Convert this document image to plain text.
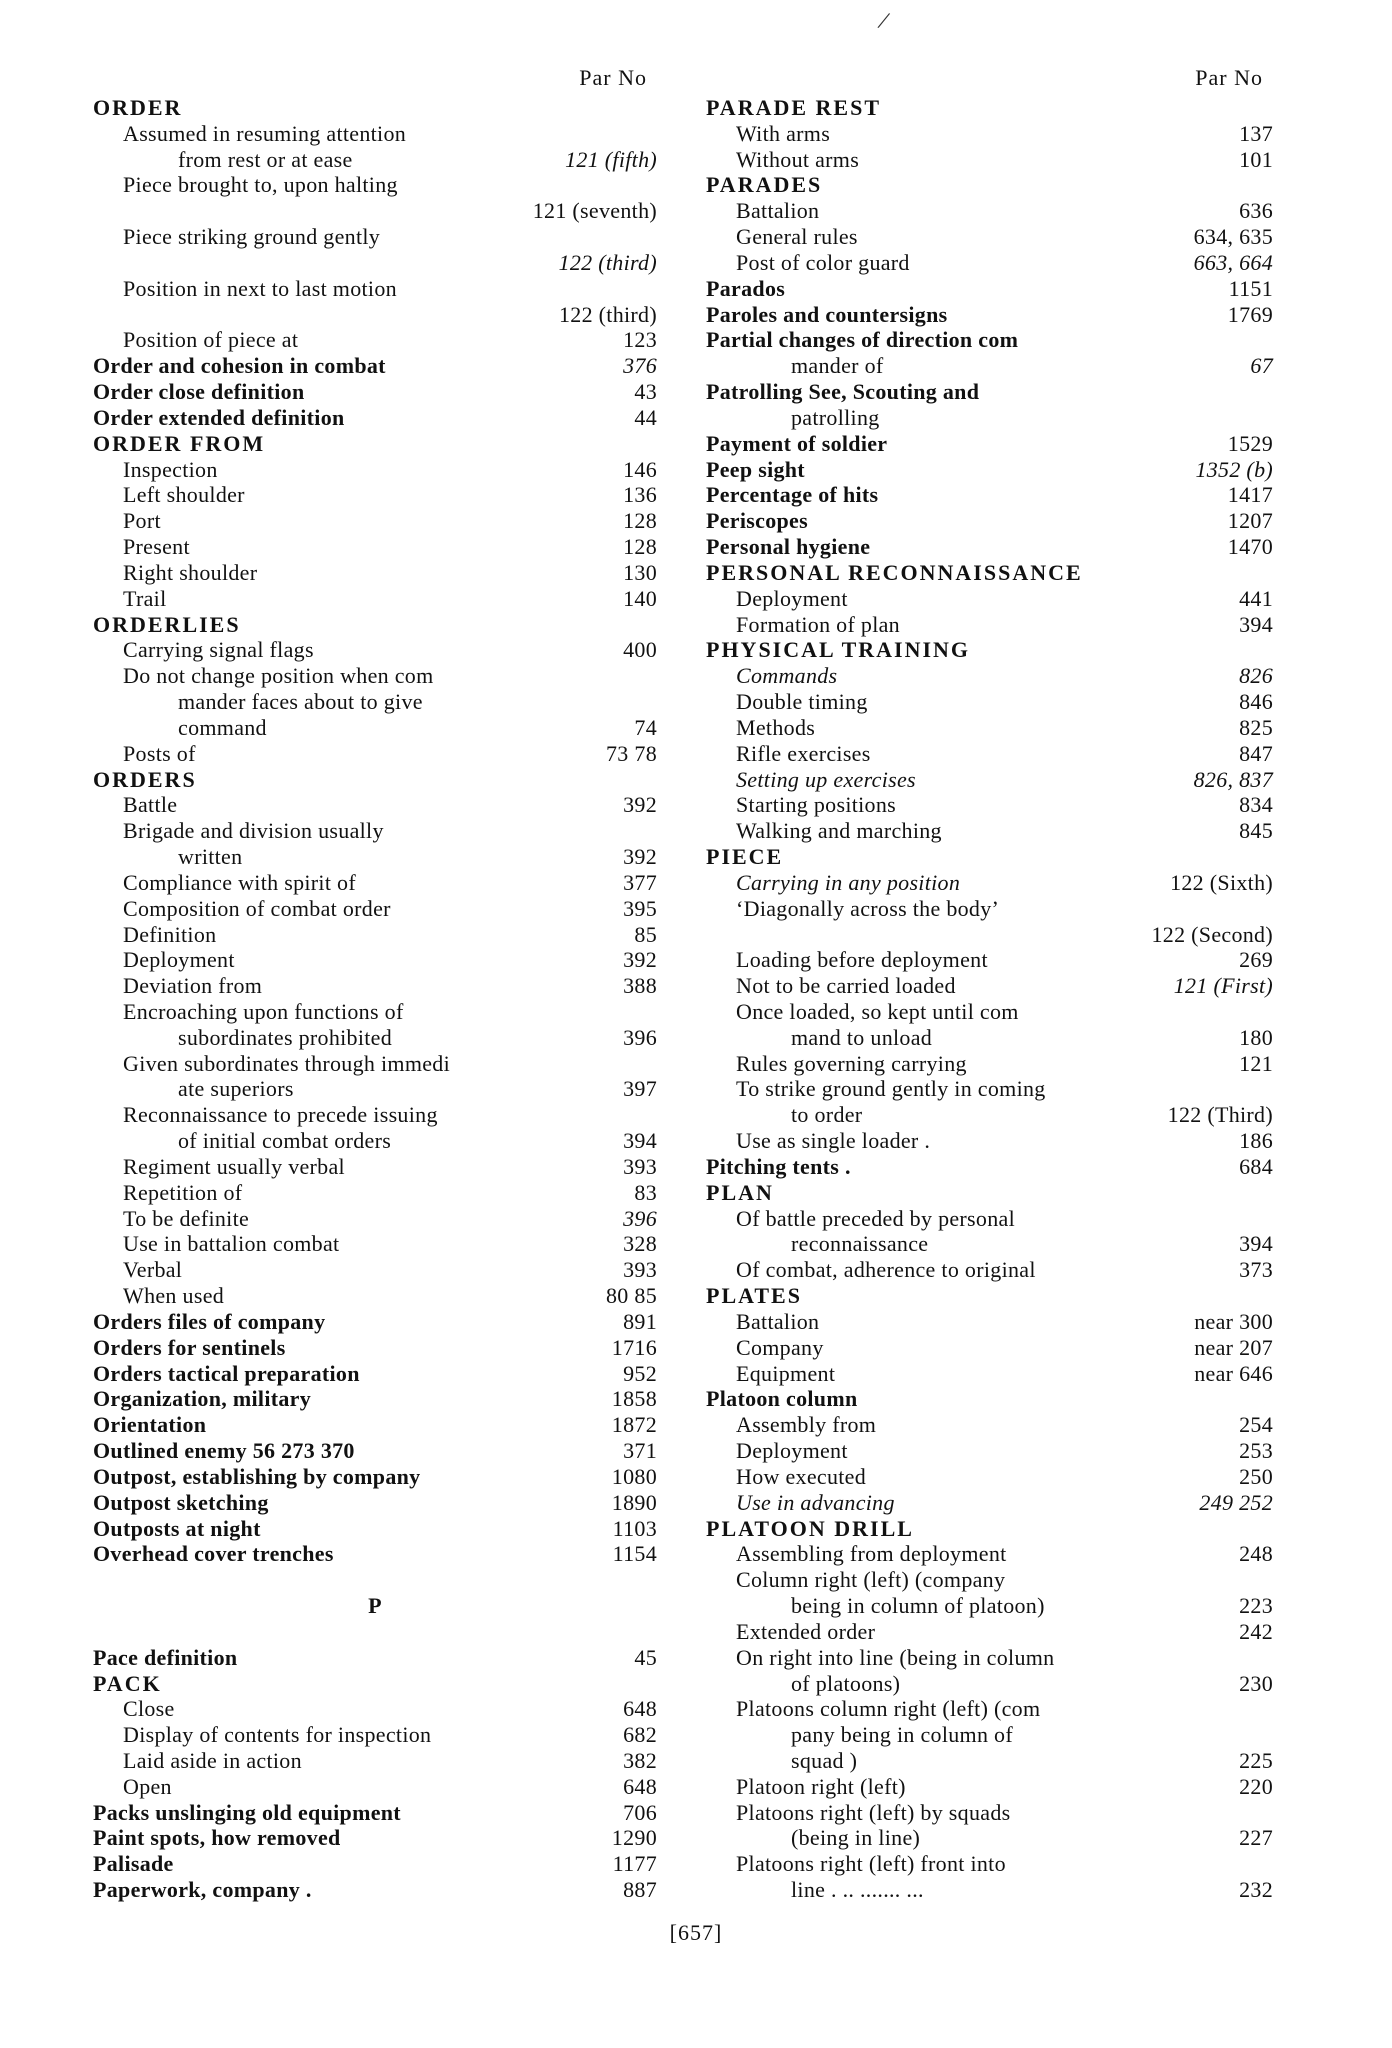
/
Par No
ORDER
Assumed in resuming attention
from rest or at ease	121 (fifth)
Piece brought to, upon halting
121 (seventh)
Piece striking ground gently
122 (third)
Position in next to last motion
122 (third)
Position of piece at	123
Order and cohesion in combat	376
Order close definition	43
Order extended definition	44
ORDER FROM
Inspection	146
Left shoulder	136
Port	128
Present	128
Right shoulder	130
Trail	140
ORDERLIES
Carrying signal flags	400
Do not change position when com
mander faces about to give
command	74
Posts of	73 78
ORDERS
Battle	392
Brigade and division usually
written	392
Compliance with spirit of	377
Composition of combat order	395
Definition	85
Deployment	392
Deviation from	388
Encroaching upon functions of
subordinates prohibited	396
Given subordinates through immedi
ate superiors	397
Reconnaissance to precede issuing
of initial combat orders	394
Regiment usually verbal	393
Repetition of	83
To be definite	396
Use in battalion combat	328
Verbal	393
When used	80 85
Orders files of company	891
Orders for sentinels	1716
Orders tactical preparation	952
Organization, military	1858
Orientation	1872
Outlined enemy 56 273 370	371
Outpost, establishing by company	1080
Outpost sketching	1890
Outposts at night	1103
Overhead cover trenches	1154
P
Pace definition	45
PACK
Close	648
Display of contents for inspection	682
Laid aside in action	382
Open	648
Packs unslinging old equipment	706
Paint spots, how removed	1290
Palisade	1177
Paperwork, company .	887
Par No
PARADE REST
With arms	137
Without arms	101
PARADES
Battalion	636
General rules	634, 635
Post of color guard	663, 664
Parados	1151
Paroles and countersigns	1769
Partial changes of direction com
mander of	67
Patrolling See, Scouting and
patrolling
Payment of soldier	1529
Peep sight	1352 (b)
Percentage of hits	1417
Periscopes	1207
Personal hygiene	1470
PERSONAL RECONNAISSANCE
Deployment	441
Formation of plan	394
PHYSICAL TRAINING
Commands	826
Double timing	846
Methods	825
Rifle exercises	847
Setting up exercises	826, 837
Starting positions	834
Walking and marching	845
PIECE
Carrying in any position	122 (Sixth)
‘Diagonally across the body’
122 (Second)
Loading before deployment	269
Not to be carried loaded	121 (First)
Once loaded, so kept until com
mand to unload	180
Rules governing carrying	121
To strike ground gently in coming
to order	122 (Third)
Use as single loader .	186
Pitching tents .	684
PLAN
Of battle preceded by personal
reconnaissance	394
Of combat, adherence to original	373
PLATES
Battalion	near 300
Company	near 207
Equipment	near 646
Platoon column
Assembly from	254
Deployment	253
How executed	250
Use in advancing	249 252
PLATOON DRILL
Assembling from deployment	248
Column right (left) (company
being in column of platoon)	223
Extended order	242
On right into line (being in column
of platoons)	230
Platoons column right (left) (com
pany being in column of
squad )	225
Platoon right (left)	220
Platoons right (left) by squads
(being in line)	227
Platoons right (left) front into
line . .. ....... ...	232
[657]
